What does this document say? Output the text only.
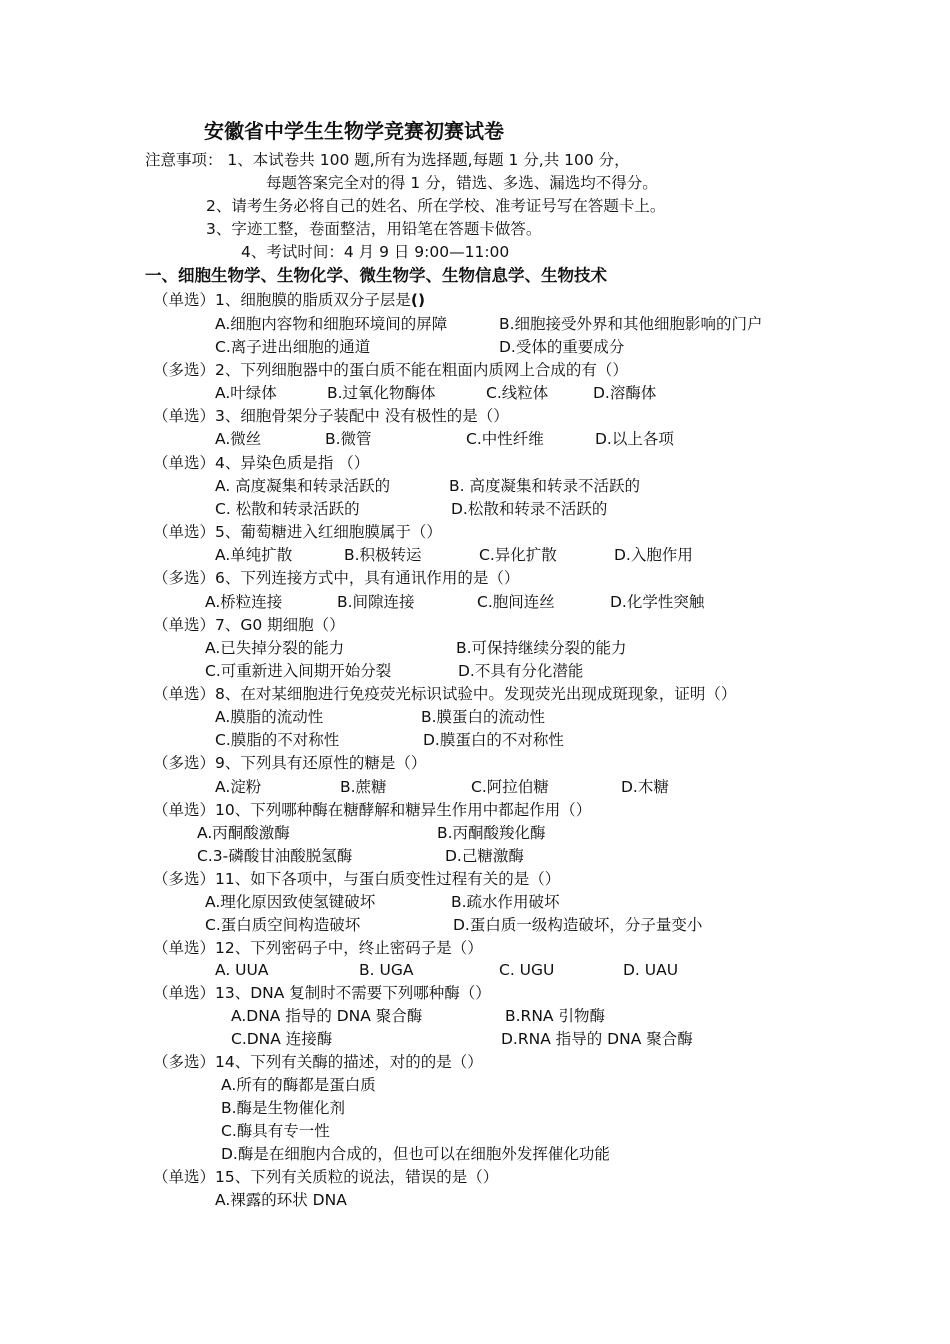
安徽省中学生生物学竞赛初赛试卷
注意事项： 1、本试卷共 100 题,所有为选择题,每题 1 分,共 100 分，
每题答案完全对的得 1 分，错选、多选、漏选均不得分。
2、请考生务必将自己的姓名、所在学校、准考证号写在答题卡上。
3、字迹工整，卷面整洁，用铅笔在答题卡做答。
4、考试时间：4 月 9 日 9:00—11:00
一、细胞生物学、生物化学、微生物学、生物信息学、生物技术
（单选）1、细胞膜的脂质双分子层是()
A.细胞内容物和细胞环境间的屏障	B.细胞接受外界和其他细胞影响的门户
C.离子进出细胞的通道	D.受体的重要成分
（多选）2、下列细胞器中的蛋白质不能在粗面内质网上合成的有（）
A.叶绿体	B.过氧化物酶体	C.线粒体	D.溶酶体
（单选）3、细胞骨架分子装配中 没有极性的是（）
A.微丝	B.微管	C.中性纤维	D.以上各项
（单选）4、异染色质是指 （）
A. 高度凝集和转录活跃的	B. 高度凝集和转录不活跃的
C. 松散和转录活跃的	D.松散和转录不活跃的
（单选）5、葡萄糖进入红细胞膜属于（）
A.单纯扩散	B.积极转运	C.异化扩散	D.入胞作用
（多选）6、下列连接方式中，具有通讯作用的是（）
A.桥粒连接	B.间隙连接	C.胞间连丝	D.化学性突触
（单选）7、G0 期细胞（）
A.已失掉分裂的能力	B.可保持继续分裂的能力
C.可重新进入间期开始分裂	D.不具有分化潜能
（单选）8、在对某细胞进行免疫荧光标识试验中。发现荧光出现成斑现象，证明（）
A.膜脂的流动性	B.膜蛋白的流动性
C.膜脂的不对称性	D.膜蛋白的不对称性
（多选）9、下列具有还原性的糖是（）
A.淀粉	B.蔗糖	C.阿拉伯糖	D.木糖
（单选）10、下列哪种酶在糖酵解和糖异生作用中都起作用（）
A.丙酮酸激酶	B.丙酮酸羧化酶
C.3-磷酸甘油酸脱氢酶	D.己糖激酶
（多选）11、如下各项中，与蛋白质变性过程有关的是（）
A.理化原因致使氢键破坏	B.疏水作用破坏
C.蛋白质空间构造破坏	D.蛋白质一级构造破坏，分子量变小
（单选）12、下列密码子中，终止密码子是（）
A. UUA	B. UGA	C. UGU	D. UAU
（单选）13、DNA 复制时不需要下列哪种酶（）
A.DNA 指导的 DNA 聚合酶	B.RNA 引物酶
C.DNA 连接酶	D.RNA 指导的 DNA 聚合酶
（多选）14、下列有关酶的描述，对的的是（）
A.所有的酶都是蛋白质
B.酶是生物催化剂
C.酶具有专一性
D.酶是在细胞内合成的，但也可以在细胞外发挥催化功能
（单选）15、下列有关质粒的说法，错误的是（）
A.裸露的环状 DNA
